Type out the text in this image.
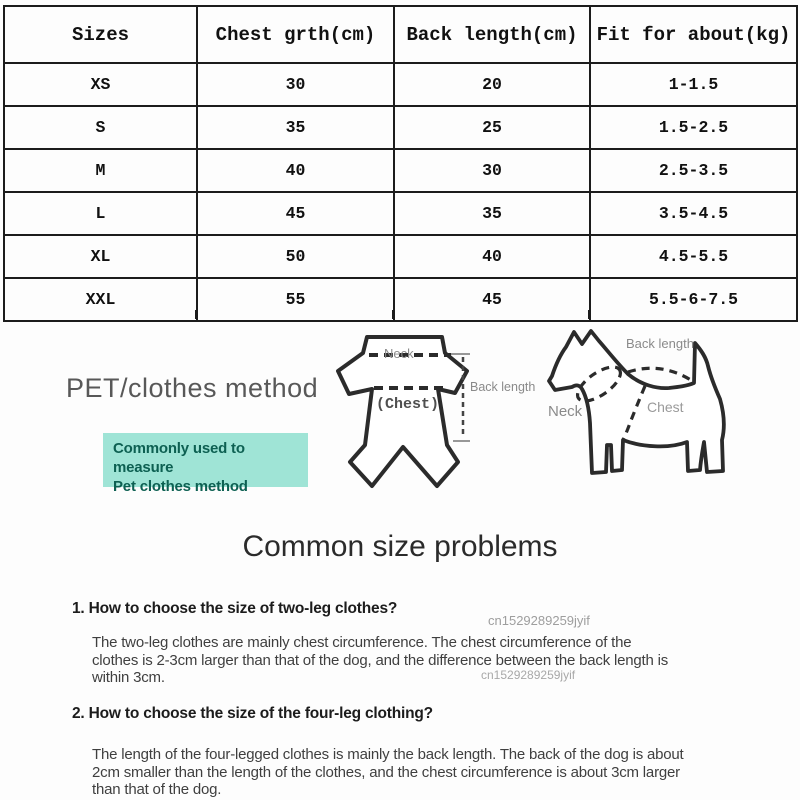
Sizes	Chest grth(cm)	Back length(cm)	Fit for about(kg)
XS	30	20	1-1.5
S	35	25	1.5-2.5
M	40	30	2.5-3.5
L	45	35	3.5-4.5
XL	50	40	4.5-5.5
XXL	55	45	5.5-6-7.5
PET/clothes method
Commonly used to measure
Pet clothes method
Neck
(Chest)
Back length
Back length
Neck	Chest
Common size problems
1. How to choose the size of two-leg clothes?
cn1529289259jyif
The two-leg clothes are mainly chest circumference. The chest circumference of the
clothes is 2-3cm larger than that of the dog, and the difference between the back length is
within 3cm.	cn1529289259jyif
2. How to choose the size of the four-leg clothing?
The length of the four-legged clothes is mainly the back length. The back of the dog is about
2cm smaller than the length of the clothes, and the chest circumference is about 3cm larger
than that of the dog.
